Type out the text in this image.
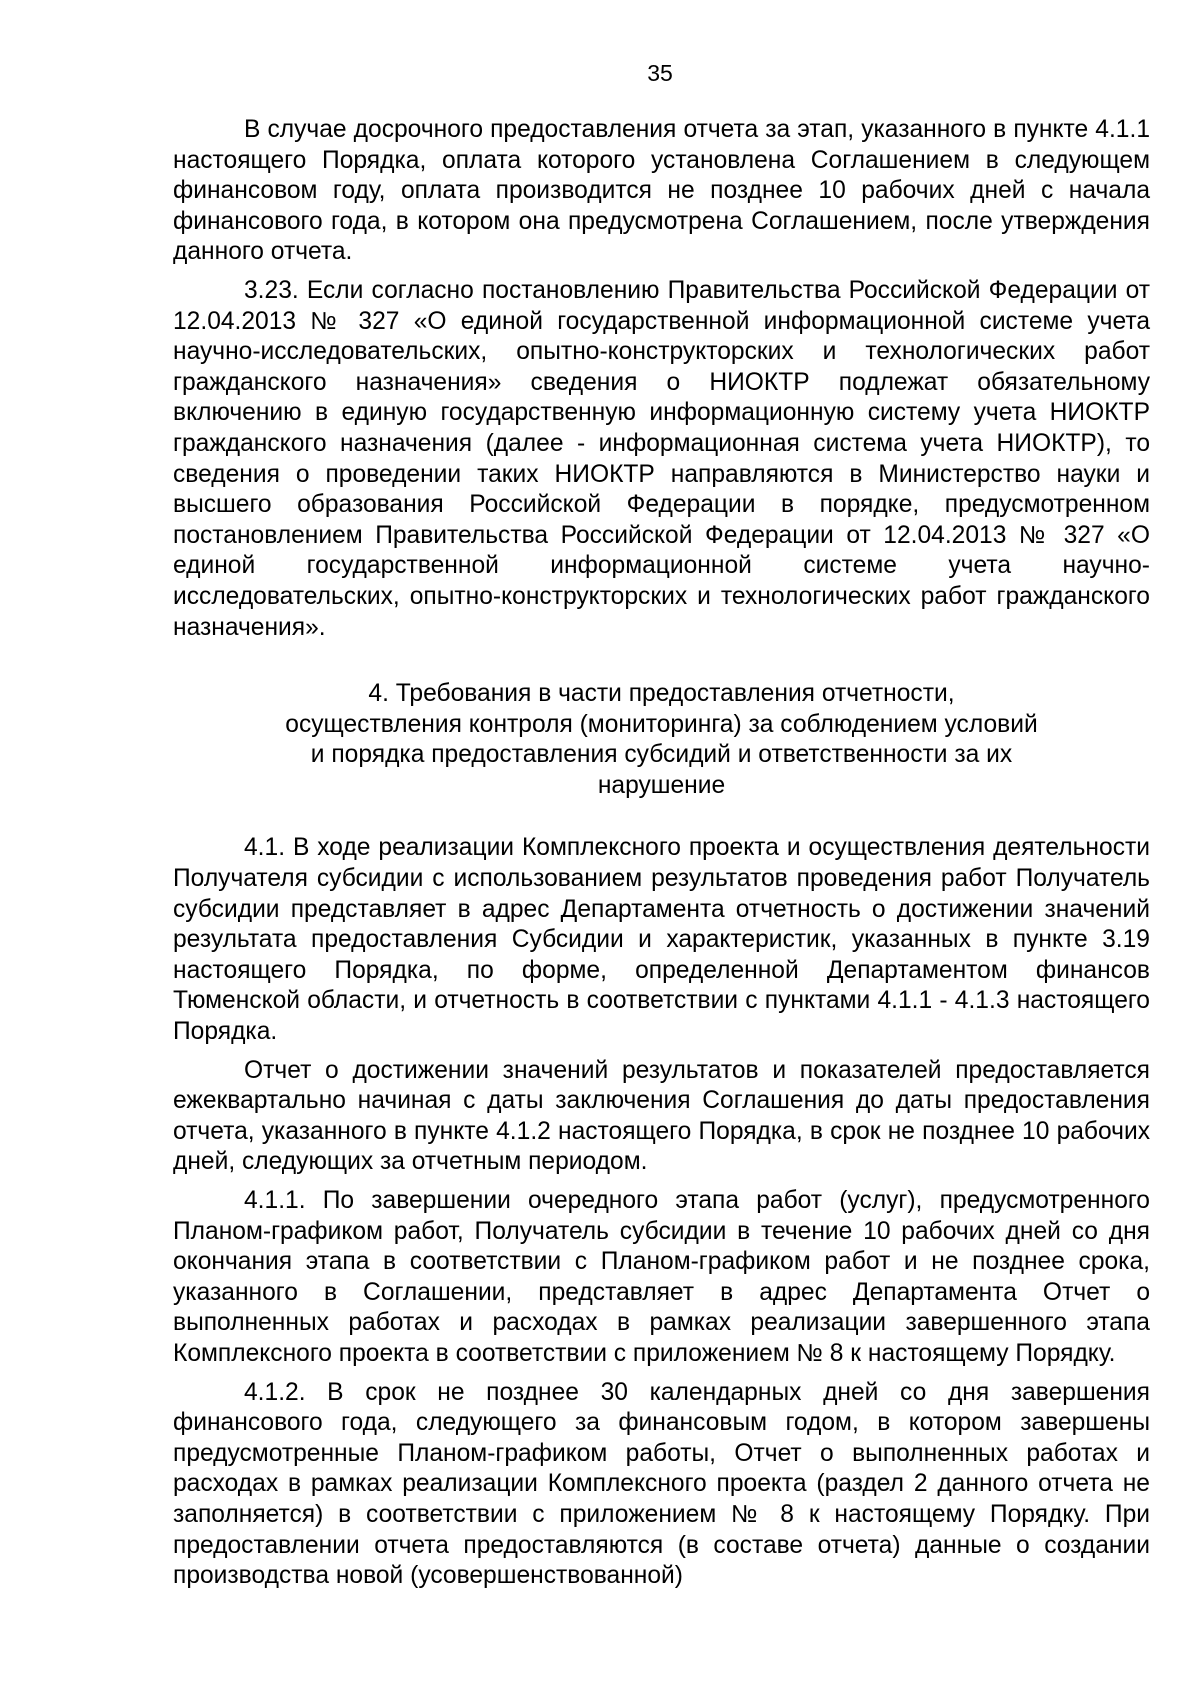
35

В случае досрочного предоставления отчета за этап, указанного в пункте 4.1.1 настоящего Порядка, оплата которого установлена Соглашением в следующем финансовом году, оплата производится не позднее 10 рабочих дней с начала финансового года, в котором она предусмотрена Соглашением, после утверждения данного отчета.

3.23. Если согласно постановлению Правительства Российской Федерации от 12.04.2013 № 327 «О единой государственной информационной системе учета научно-исследовательских, опытно-конструкторских и технологических работ гражданского назначения» сведения о НИОКТР подлежат обязательному включению в единую государственную информационную систему учета НИОКТР гражданского назначения (далее - информационная система учета НИОКТР), то сведения о проведении таких НИОКТР направляются в Министерство науки и высшего образования Российской Федерации в порядке, предусмотренном постановлением Правительства Российской Федерации от 12.04.2013 № 327 «О единой государственной информационной системе учета научно-исследовательских, опытно-конструкторских и технологических работ гражданского назначения».

4. Требования в части предоставления отчетности,
осуществления контроля (мониторинга) за соблюдением условий
и порядка предоставления субсидий и ответственности за их
нарушение

4.1. В ходе реализации Комплексного проекта и осуществления деятельности Получателя субсидии с использованием результатов проведения работ Получатель субсидии представляет в адрес Департамента отчетность о достижении значений результата предоставления Субсидии и характеристик, указанных в пункте 3.19 настоящего Порядка, по форме, определенной Департаментом финансов Тюменской области, и отчетность в соответствии с пунктами 4.1.1 - 4.1.3 настоящего Порядка.

Отчет о достижении значений результатов и показателей предоставляется ежеквартально начиная с даты заключения Соглашения до даты предоставления отчета, указанного в пункте 4.1.2 настоящего Порядка, в срок не позднее 10 рабочих дней, следующих за отчетным периодом.

4.1.1. По завершении очередного этапа работ (услуг), предусмотренного Планом-графиком работ, Получатель субсидии в течение 10 рабочих дней со дня окончания этапа в соответствии с Планом-графиком работ и не позднее срока, указанного в Соглашении, представляет в адрес Департамента Отчет о выполненных работах и расходах в рамках реализации завершенного этапа Комплексного проекта в соответствии с приложением № 8 к настоящему Порядку.

4.1.2. В срок не позднее 30 календарных дней со дня завершения финансового года, следующего за финансовым годом, в котором завершены предусмотренные Планом-графиком работы, Отчет о выполненных работах и расходах в рамках реализации Комплексного проекта (раздел 2 данного отчета не заполняется) в соответствии с приложением № 8 к настоящему Порядку. При предоставлении отчета предоставляются (в составе отчета) данные о создании производства новой (усовершенствованной)
